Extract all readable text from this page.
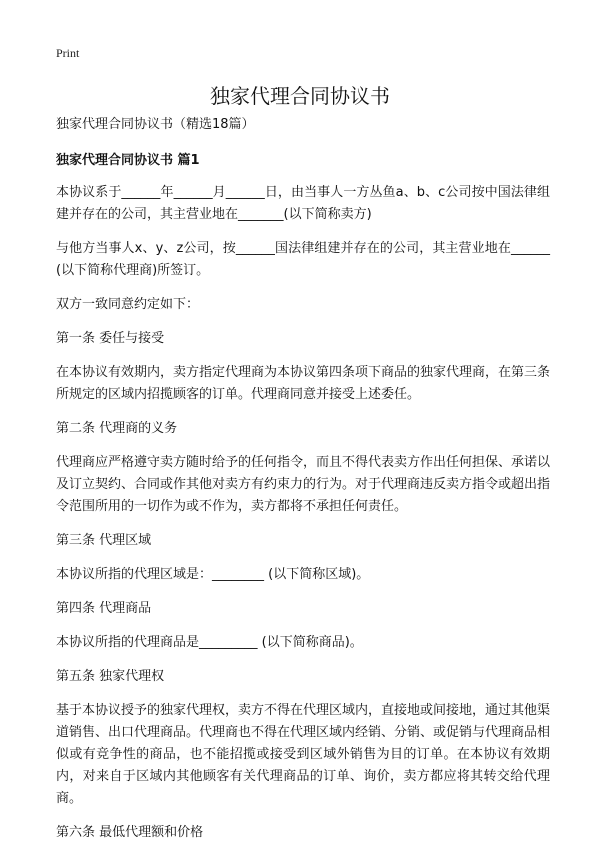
Print
独家代理合同协议书

独家代理合同协议书（精选18篇）

独家代理合同协议书 篇1

本协议系于______年______月______日，由当事人一方丛鱼a、b、c公司按中国法律组建并存在的公司，其主营业地在_______(以下简称卖方)

与他方当事人x、y、z公司，按______国法律组建并存在的公司，其主营业地在______(以下简称代理商)所签订。

双方一致同意约定如下：

第一条 委任与接受

在本协议有效期内，卖方指定代理商为本协议第四条项下商品的独家代理商，在第三条所规定的区域内招揽顾客的订单。代理商同意并接受上述委任。

第二条 代理商的义务

代理商应严格遵守卖方随时给予的任何指令，而且不得代表卖方作出任何担保、承诺以及订立契约、合同或作其他对卖方有约束力的行为。对于代理商违反卖方指令或超出指令范围所用的一切作为或不作为，卖方都将不承担任何责任。

第三条 代理区域

本协议所指的代理区域是：________ (以下简称区域)。

第四条 代理商品

本协议所指的代理商品是_________ (以下简称商品)。

第五条 独家代理权

基于本协议授予的独家代理权，卖方不得在代理区域内，直接地或间接地，通过其他渠道销售、出口代理商品。代理商也不得在代理区域内经销、分销、或促销与代理商品相似或有竞争性的商品，也不能招揽或接受到区域外销售为目的订单。在本协议有效期内，对来自于区域内其他顾客有关代理商品的订单、询价，卖方都应将其转交给代理商。

第六条 最低代理额和价格
